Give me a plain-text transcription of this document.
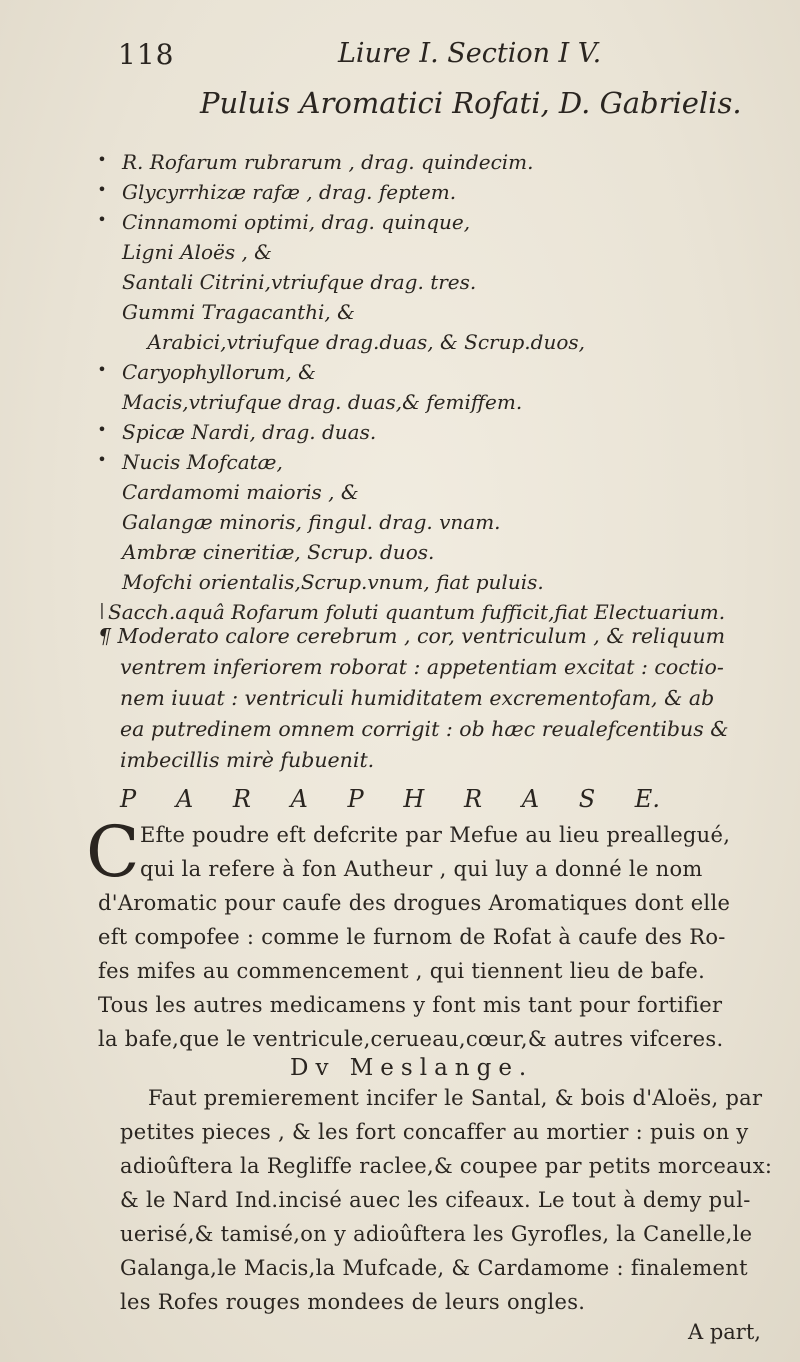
118	Liure I. Section I V.
Puluis Aromatici Rofati, D. Gabrielis.
• R. Rofarum rubrarum , drag. quindecim.
• Glycyrrhizæ rafæ , drag. feptem.
• Cinnamomi optimi, drag. quinque,
Ligni Aloës , &
Santali Citrini,vtriufque drag. tres.
Gummi Tragacanthi, &
Arabici,vtriufque drag.duas, & Scrup.duos,
• Caryophyllorum, &
Macis,vtriufque drag. duas,& femiffem.
• Spicæ Nardi, drag. duas.
• Nucis Mofcatæ,
Cardamomi maioris , &
Galangæ minoris, fingul. drag. vnam.
Ambræ cineritiæ, Scrup. duos.
Mofchi orientalis,Scrup.vnum, fiat puluis.
| Sacch.aquâ Rofarum foluti quantum fufficit,fiat Electuarium.
¶ Moderato calore cerebrum , cor, ventriculum , & reliquum
ventrem inferiorem roborat : appetentiam excitat : coctio-
nem iuuat : ventriculi humiditatem excrementofam, & ab
ea putredinem omnem corrigit : ob hæc reualefcentibus &
imbecillis mirè fubuenit.
P A R A P H R A S E.
C Efte poudre eft defcrite par Mefue au lieu preallegué,
qui la refere à fon Autheur , qui luy a donné le nom
d'Aromatic pour caufe des drogues Aromatiques dont elle
eft compofee : comme le furnom de Rofat à caufe des Ro-
fes mifes au commencement , qui tiennent lieu de bafe.
Tous les autres medicamens y font mis tant pour fortifier
la bafe,que le ventricule,cerueau,cœur,& autres vifceres.
Dv Meslange.
Faut premierement incifer le Santal, & bois d'Aloës, par
petites pieces , & les fort concaffer au mortier : puis on y
adioûftera la Regliffe raclee,& coupee par petits morceaux:
& le Nard Ind.incisé auec les cifeaux. Le tout à demy pul-
uerisé,& tamisé,on y adioûftera les Gyrofles, la Canelle,le
Galanga,le Macis,la Mufcade, & Cardamome : finalement
les Rofes rouges mondees de leurs ongles.
A part,
